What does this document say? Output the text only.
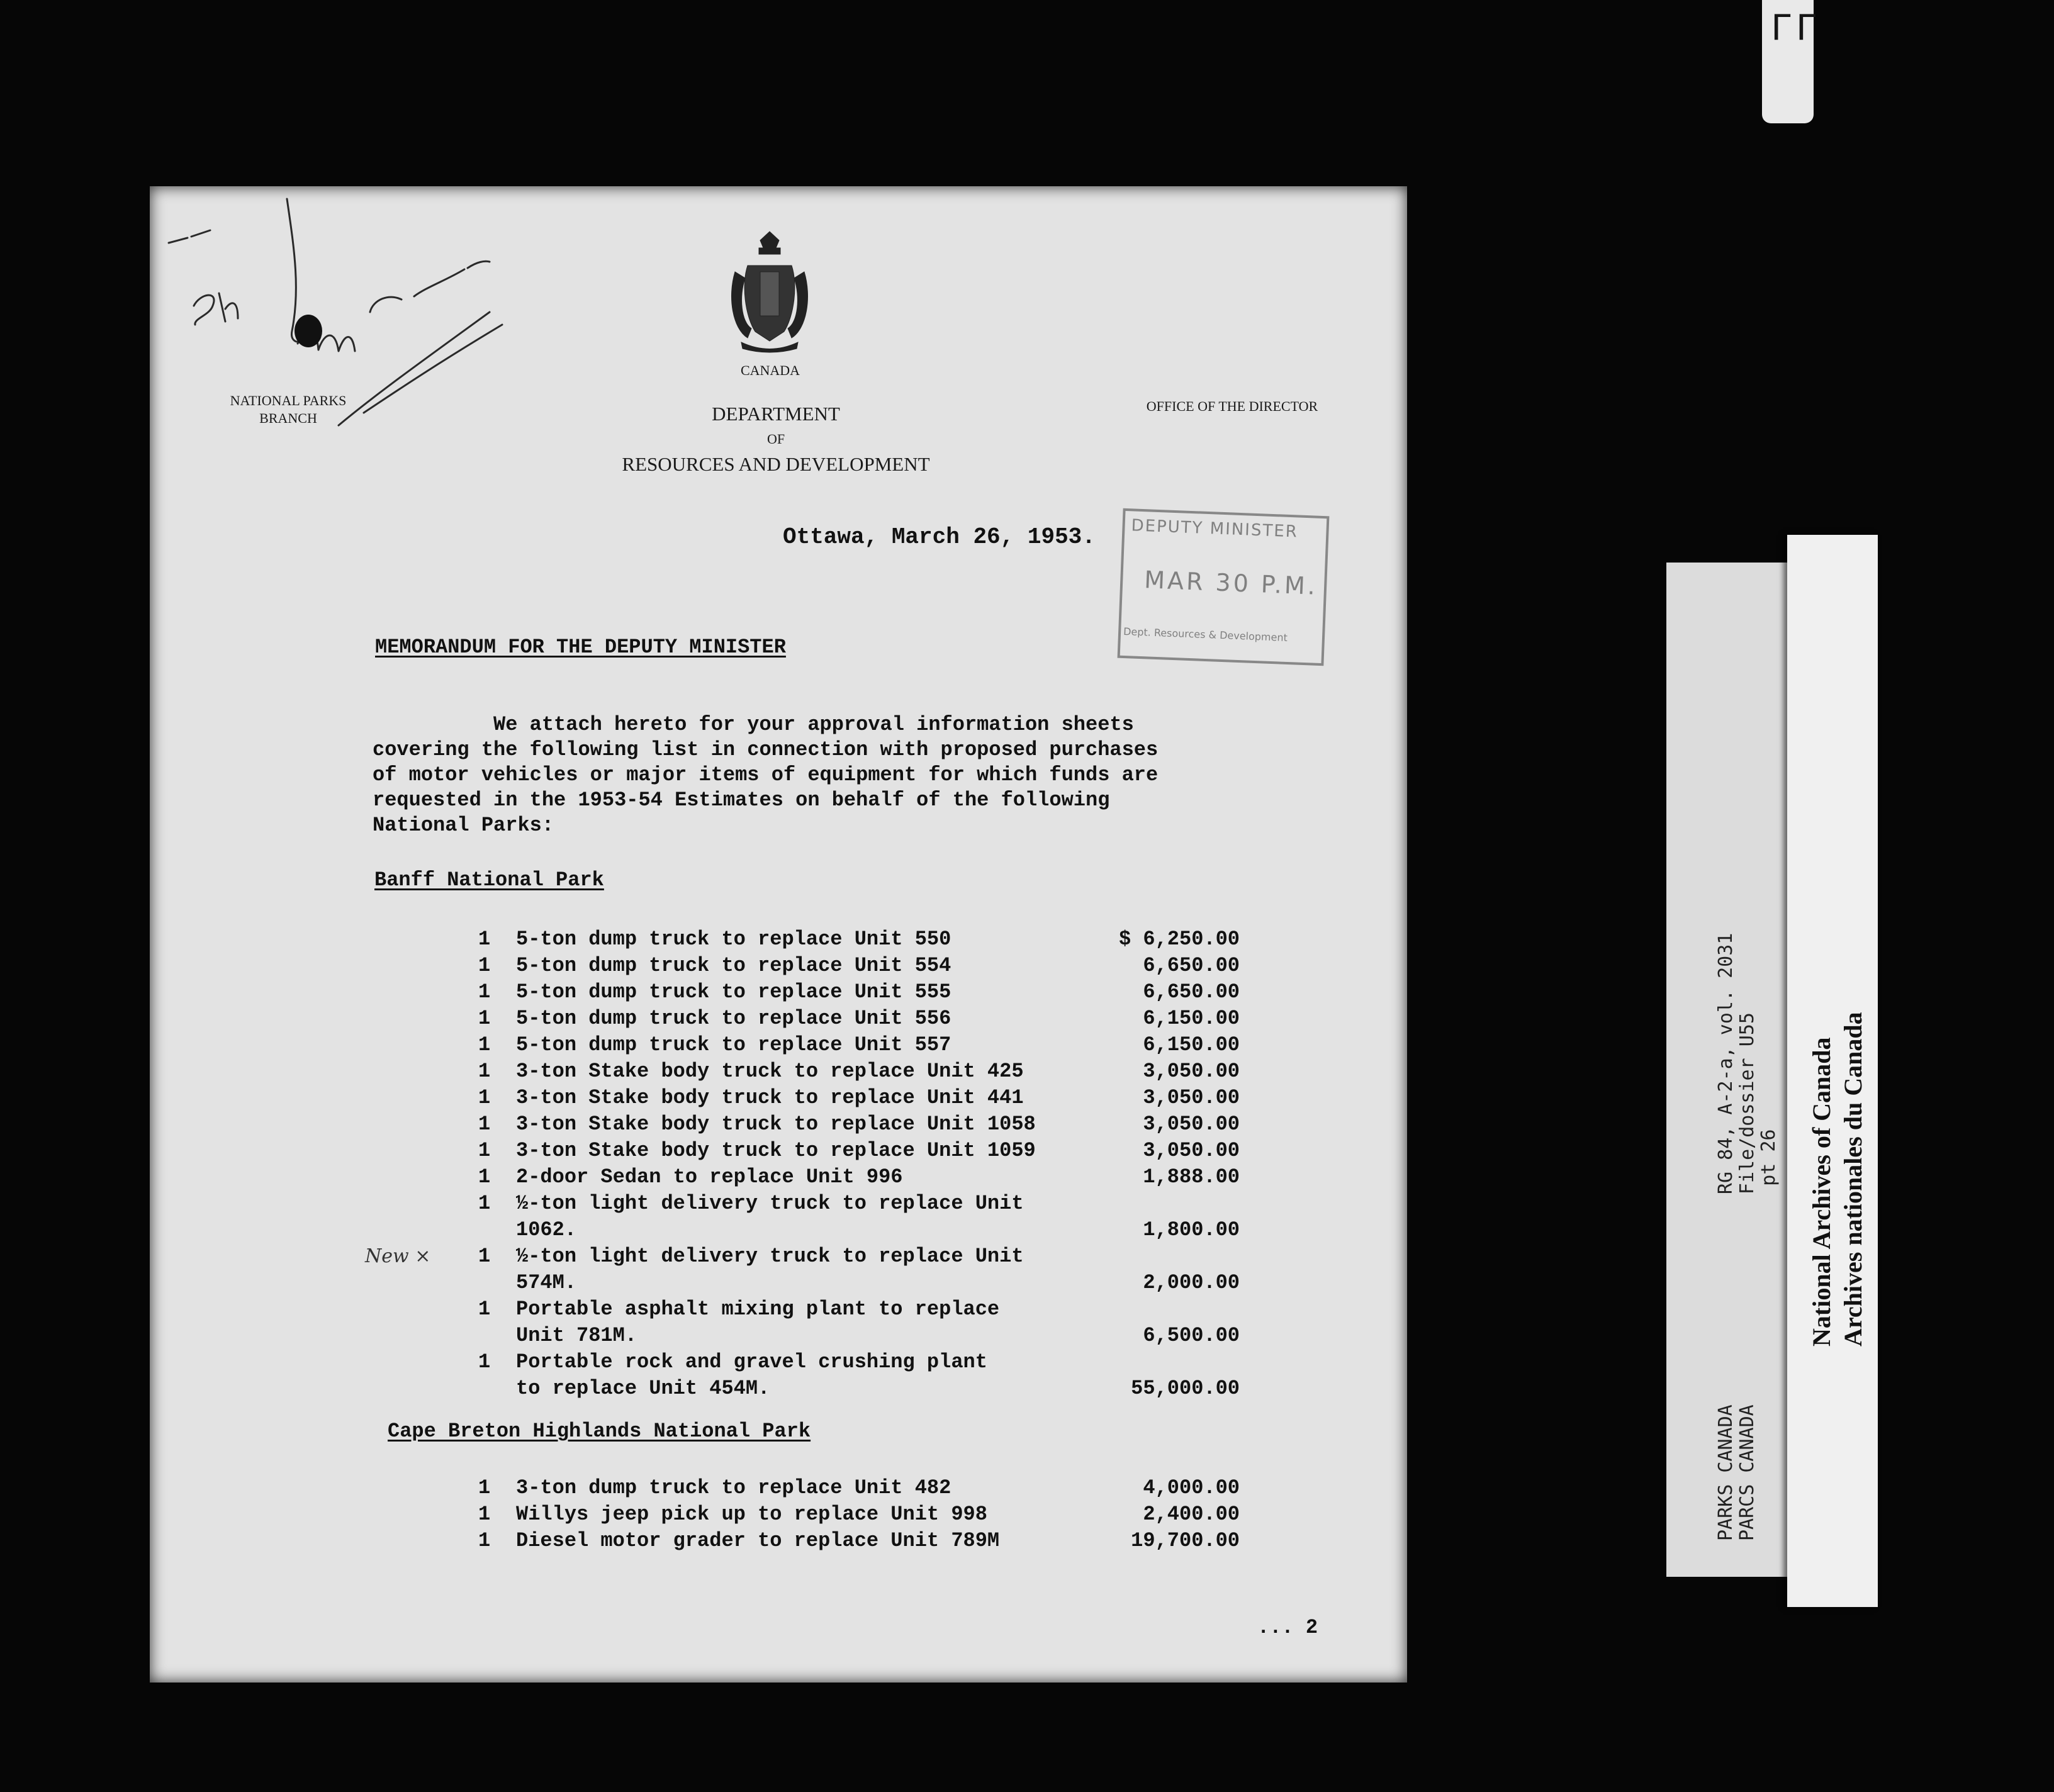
ΓΓ
CANADA
NATIONAL PARKS
BRANCH	DEPARTMENT
OF
RESOURCES AND DEVELOPMENT
OFFICE OF THE DIRECTOR
Ottawa, March 26, 1953. DEPUTY MINISTER
MAR 30 P.M.
Dept. Resources & Development
MEMORANDUM FOR THE DEPUTY MINISTER

We attach hereto for your approval information sheets

covering the following list in connection with proposed purchases

of motor vehicles or major items of equipment for which funds are

requested in the 1953-54 Estimates on behalf of the following

National Parks:

Banff National Park
1	5-ton dump truck to replace Unit 550	$ 6,250.00
1	5-ton dump truck to replace Unit 554	6,650.00
1	5-ton dump truck to replace Unit 555	6,650.00
1	5-ton dump truck to replace Unit 556	6,150.00
1	5-ton dump truck to replace Unit 557	6,150.00
1	3-ton Stake body truck to replace Unit 425	3,050.00
1	3-ton Stake body truck to replace Unit 441	3,050.00
1	3-ton Stake body truck to replace Unit 1058	3,050.00
1	3-ton Stake body truck to replace Unit 1059	3,050.00
1	2-door Sedan to replace Unit 996	1,888.00
1	½-ton light delivery truck to replace Unit
1062.	1,800.00
New × 1	½-ton light delivery truck to replace Unit
574M.	2,000.00
1	Portable asphalt mixing plant to replace
Unit 781M.	6,500.00
1	Portable rock and gravel crushing plant
to replace Unit 454M.	55,000.00
Cape Breton Highlands National Park
1	3-ton dump truck to replace Unit 482	4,000.00
1	Willys jeep pick up to replace Unit 998	2,400.00
1	Diesel motor grader to replace Unit 789M	19,700.00
... 2
PARKS CANADA   RG 84, A-2-a, vol. 2031
PARCS CANADA   File/dossier U55
pt 26 National Archives of Canada Archives nationales du Canada
